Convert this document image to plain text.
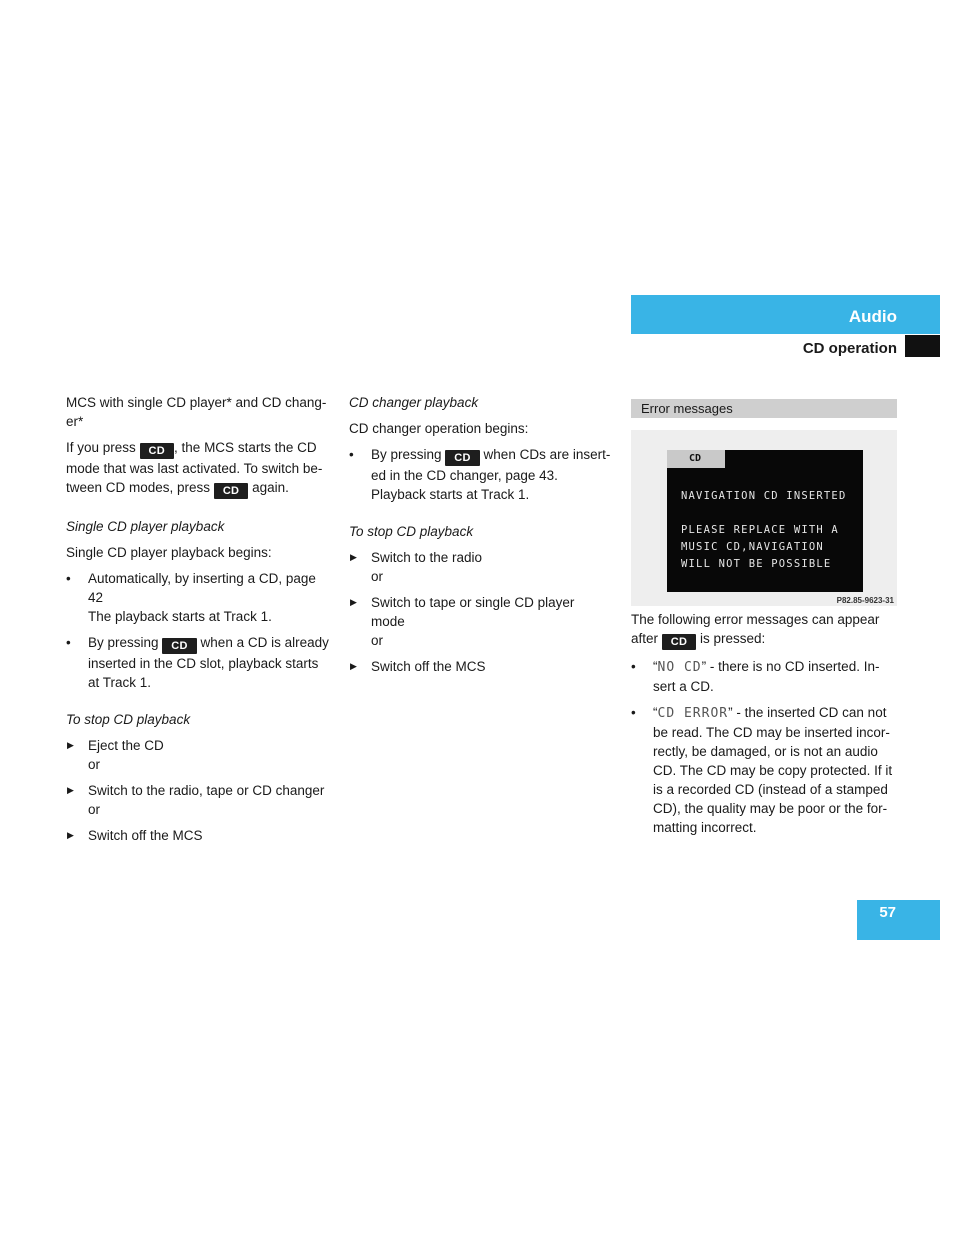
Audio
CD operation

MCS with single CD player* and CD chang-
er*

If you press CD , the MCS starts the CD
mode that was last activated. To switch be-
tween CD modes, press CD again.

Single CD player playback

Single CD player playback begins:

• Automatically, by inserting a CD, page
42
The playback starts at Track 1.

• By pressing CD when a CD is already
inserted in the CD slot, playback starts
at Track 1.

To stop CD playback

▶ Eject the CD
or

▶ Switch to the radio, tape or CD changer
or

▶ Switch off the MCS

CD changer playback

CD changer operation begins:

• By pressing CD when CDs are insert-
ed in the CD changer, page 43.
Playback starts at Track 1.

To stop CD playback

▶ Switch to the radio
or

▶ Switch to tape or single CD player
mode
or

▶ Switch off the MCS

Error messages
CD
NAVIGATION CD INSERTED
PLEASE REPLACE WITH A
MUSIC CD,NAVIGATION
WILL NOT BE POSSIBLE
P82.85-9623-31

The following error messages can appear
after CD is pressed:

• “NO CD” - there is no CD inserted. In-
sert a CD.

• “CD ERROR” - the inserted CD can not
be read. The CD may be inserted incor-
rectly, be damaged, or is not an audio
CD. The CD may be copy protected. If it
is a recorded CD (instead of a stamped
CD), the quality may be poor or the for-
matting incorrect.

57
